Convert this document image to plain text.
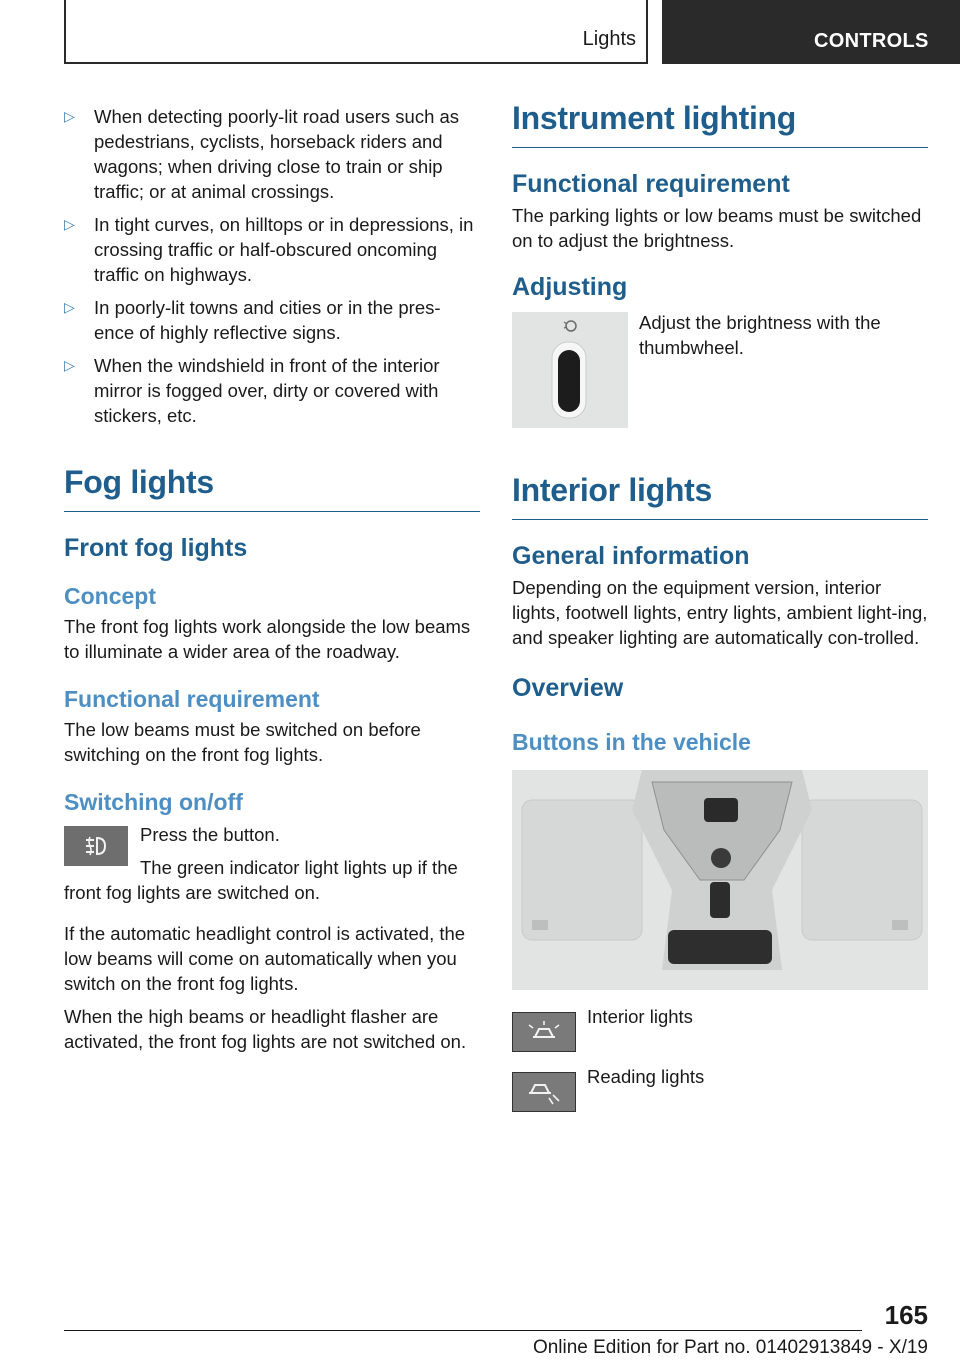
Lights	CONTROLS
▷ When detecting poorly-lit road users such as pedestrians, cyclists, horseback riders and wagons; when driving close to train or ship traffic; or at animal crossings.
▷ In tight curves, on hilltops or in depressions, in crossing traffic or half-obscured oncoming traffic on highways.
▷ In poorly-lit towns and cities or in the pres-ence of highly reflective signs.
▷ When the windshield in front of the interior mirror is fogged over, dirty or covered with stickers, etc.
Fog lights
Front fog lights
Concept

The front fog lights work alongside the low beams to illuminate a wider area of the roadway.

Functional requirement

The low beams must be switched on before switching on the front fog lights.

Switching on/off

Press the button.

The green indicator light lights up if the front fog lights are switched on.

If the automatic headlight control is activated, the low beams will come on automatically when you switch on the front fog lights.

When the high beams or headlight flasher are activated, the front fog lights are not switched on.

Instrument lighting
Functional requirement

The parking lights or low beams must be switched on to adjust the brightness.

Adjusting

Adjust the brightness with the thumbwheel.

Interior lights
General information

Depending on the equipment version, interior lights, footwell lights, entry lights, ambient light-ing, and speaker lighting are automatically con-trolled.

Overview
Buttons in the vehicle

Interior lights

Reading lights

165
Online Edition for Part no. 01402913849 - X/19
